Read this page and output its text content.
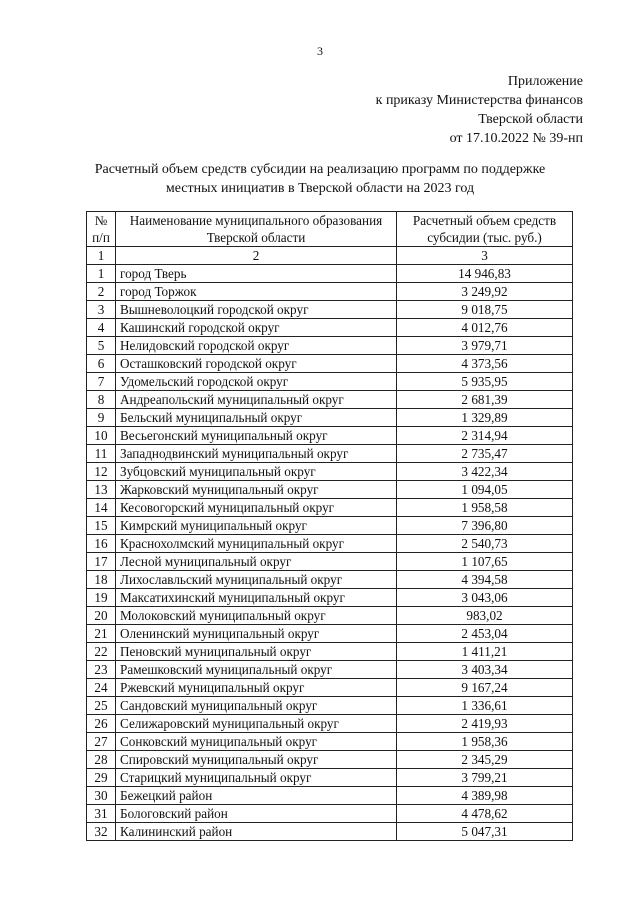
3
Приложение
к приказу Министерства финансов
Тверской области
от 17.10.2022 № 39-нп
Расчетный объем средств субсидии на реализацию программ по поддержке
местных инициатив в Тверской области на 2023 год
№ п/п	Наименование муниципального образования Тверской области	Расчетный объем средств субсидии (тыс. руб.)
1	2	3
1	город Тверь	14 946,83
2	город Торжок	3 249,92
3	Вышневолоцкий городской округ	9 018,75
4	Кашинский городской округ	4 012,76
5	Нелидовский городской округ	3 979,71
6	Осташковский городской округ	4 373,56
7	Удомельский городской округ	5 935,95
8	Андреапольский муниципальный округ	2 681,39
9	Бельский муниципальный округ	1 329,89
10	Весьегонский муниципальный округ	2 314,94
11	Западнодвинский муниципальный округ	2 735,47
12	Зубцовский муниципальный округ	3 422,34
13	Жарковский муниципальный округ	1 094,05
14	Кесовогорский муниципальный округ	1 958,58
15	Кимрский муниципальный округ	7 396,80
16	Краснохолмский муниципальный округ	2 540,73
17	Лесной муниципальный округ	1 107,65
18	Лихославльский муниципальный округ	4 394,58
19	Максатихинский муниципальный округ	3 043,06
20	Молоковский муниципальный округ	983,02
21	Оленинский муниципальный округ	2 453,04
22	Пеновский муниципальный округ	1 411,21
23	Рамешковский муниципальный округ	3 403,34
24	Ржевский муниципальный округ	9 167,24
25	Сандовский муниципальный округ	1 336,61
26	Селижаровский муниципальный округ	2 419,93
27	Сонковский муниципальный округ	1 958,36
28	Спировский муниципальный округ	2 345,29
29	Старицкий муниципальный округ	3 799,21
30	Бежецкий район	4 389,98
31	Бологовский район	4 478,62
32	Калининский район	5 047,31
